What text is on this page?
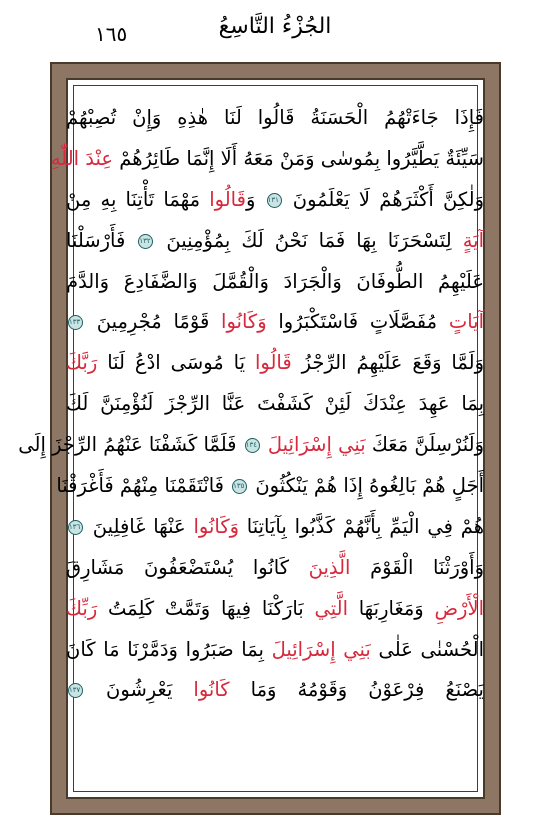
الجُزْءُ التَّاسِعُ
١٦٥
فَإِذَا جَاءَتْهُمُ الْحَسَنَةُ قَالُوا لَنَا هٰذِهِ وَإِنْ تُصِبْهُمْ
سَيِّئَةٌ يَطَّيَّرُوا بِمُوسٰى وَمَنْ مَعَهُ أَلَا إِنَّمَا طَائِرُهُمْ عِنْدَ اللّٰهِ
وَلٰكِنَّ أَكْثَرَهُمْ لَا يَعْلَمُونَ ١٣١ وَقَالُوا مَهْمَا تَأْتِنَا بِهِ مِنْ
آيَةٍ لِتَسْحَرَنَا بِهَا فَمَا نَحْنُ لَكَ بِمُؤْمِنِينَ ١٣٢ فَأَرْسَلْنَا
عَلَيْهِمُ الطُّوفَانَ وَالْجَرَادَ وَالْقُمَّلَ وَالضَّفَادِعَ وَالدَّمَ
آيَاتٍ مُفَصَّلَاتٍ فَاسْتَكْبَرُوا وَكَانُوا قَوْمًا مُجْرِمِينَ ١٣٣
وَلَمَّا وَقَعَ عَلَيْهِمُ الرِّجْزُ قَالُوا يَا مُوسَى ادْعُ لَنَا رَبَّكَ
بِمَا عَهِدَ عِنْدَكَ لَئِنْ كَشَفْتَ عَنَّا الرِّجْزَ لَنُؤْمِنَنَّ لَكَ
وَلَنُرْسِلَنَّ مَعَكَ بَنِي إِسْرَائِيلَ ١٣٤ فَلَمَّا كَشَفْنَا عَنْهُمُ الرِّجْزَ إِلَى
أَجَلٍ هُمْ بَالِغُوهُ إِذَا هُمْ يَنْكُثُونَ ١٣٥ فَانْتَقَمْنَا مِنْهُمْ فَأَغْرَقْنَا
هُمْ فِي الْيَمِّ بِأَنَّهُمْ كَذَّبُوا بِآيَاتِنَا وَكَانُوا عَنْهَا غَافِلِينَ ١٣٦
وَأَوْرَثْنَا الْقَوْمَ الَّذِينَ كَانُوا يُسْتَضْعَفُونَ مَشَارِقَ
الْأَرْضِ وَمَغَارِبَهَا الَّتِي بَارَكْنَا فِيهَا وَتَمَّتْ كَلِمَتُ رَبِّكَ
الْحُسْنٰى عَلٰى بَنِي إِسْرَائِيلَ بِمَا صَبَرُوا وَدَمَّرْنَا مَا كَانَ
يَصْنَعُ فِرْعَوْنُ وَقَوْمُهُ وَمَا كَانُوا يَعْرِشُونَ ١٣٧
